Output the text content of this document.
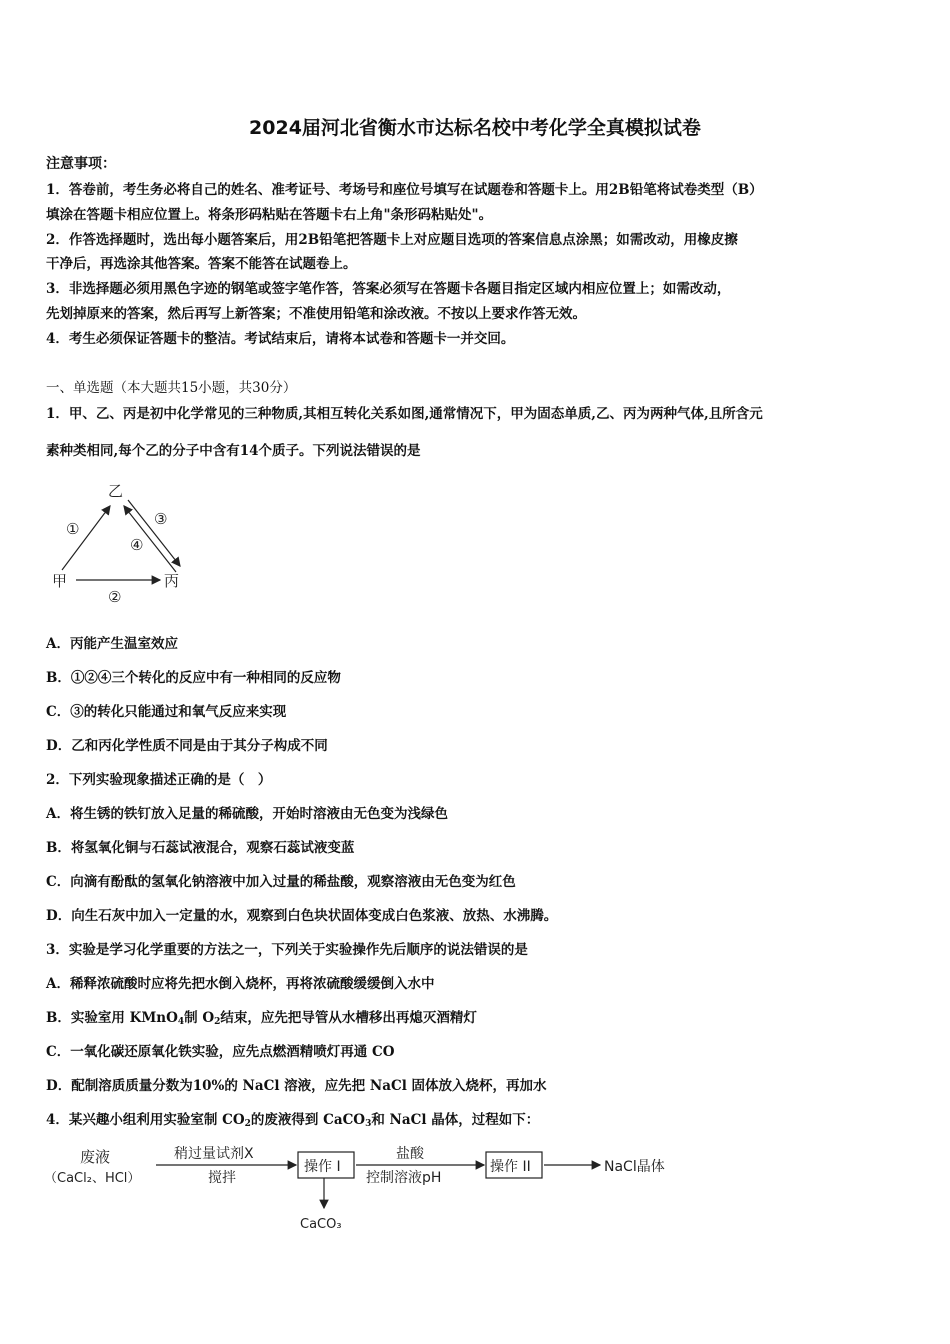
2024届河北省衡水市达标名校中考化学全真模拟试卷
注意事项：
1．答卷前，考生务必将自己的姓名、准考证号、考场号和座位号填写在试题卷和答题卡上。用2B铅笔将试卷类型（B）
填涂在答题卡相应位置上。将条形码粘贴在答题卡右上角"条形码粘贴处"。
2．作答选择题时，选出每小题答案后，用2B铅笔把答题卡上对应题目选项的答案信息点涂黑；如需改动，用橡皮擦
干净后，再选涂其他答案。答案不能答在试题卷上。
3．非选择题必须用黑色字迹的钢笔或签字笔作答，答案必须写在答题卡各题目指定区域内相应位置上；如需改动，
先划掉原来的答案，然后再写上新答案；不准使用铅笔和涂改液。不按以上要求作答无效。
4．考生必须保证答题卡的整洁。考试结束后，请将本试卷和答题卡一并交回。
一、单选题（本大题共15小题，共30分）
1．甲、乙、丙是初中化学常见的三种物质,其相互转化关系如图,通常情况下，甲为固态单质,乙、丙为两种气体,且所含元
素种类相同,每个乙的分子中含有14个质子。下列说法错误的是
乙
甲	丙
①
③
④
②
A．丙能产生温室效应
B．①②④三个转化的反应中有一种相同的反应物
C．③的转化只能通过和氧气反应来实现
D．乙和丙化学性质不同是由于其分子构成不同
2．下列实验现象描述正确的是（　）
A．将生锈的铁钉放入足量的稀硫酸，开始时溶液由无色变为浅绿色
B．将氢氧化铜与石蕊试液混合，观察石蕊试液变蓝
C．向滴有酚酞的氢氧化钠溶液中加入过量的稀盐酸，观察溶液由无色变为红色
D．向生石灰中加入一定量的水，观察到白色块状固体变成白色浆液、放热、水沸腾。
3．实验是学习化学重要的方法之一，下列关于实验操作先后顺序的说法错误的是
A．稀释浓硫酸时应将先把水倒入烧杯，再将浓硫酸缓缓倒入水中
B．实验室用 KMnO$_4$制 $O_2$结束，应先把导管从水槽移出再熄灭酒精灯
C．一氧化碳还原氧化铁实验，应先点燃酒精喷灯再通 CO
D．配制溶质质量分数为10%的 NaCl 溶液，应先把 NaCl 固体放入烧杯，再加水
4．某兴趣小组利用实验室制 $CO_2$的废液得到 CaCO$_3$和 NaCl 晶体，过程如下：
废液
（CaCl₂、HCl）
稍过量试剂X
搅拌
操作 I
CaCO₃
盐酸
控制溶液pH
操作 II	NaCl晶体
